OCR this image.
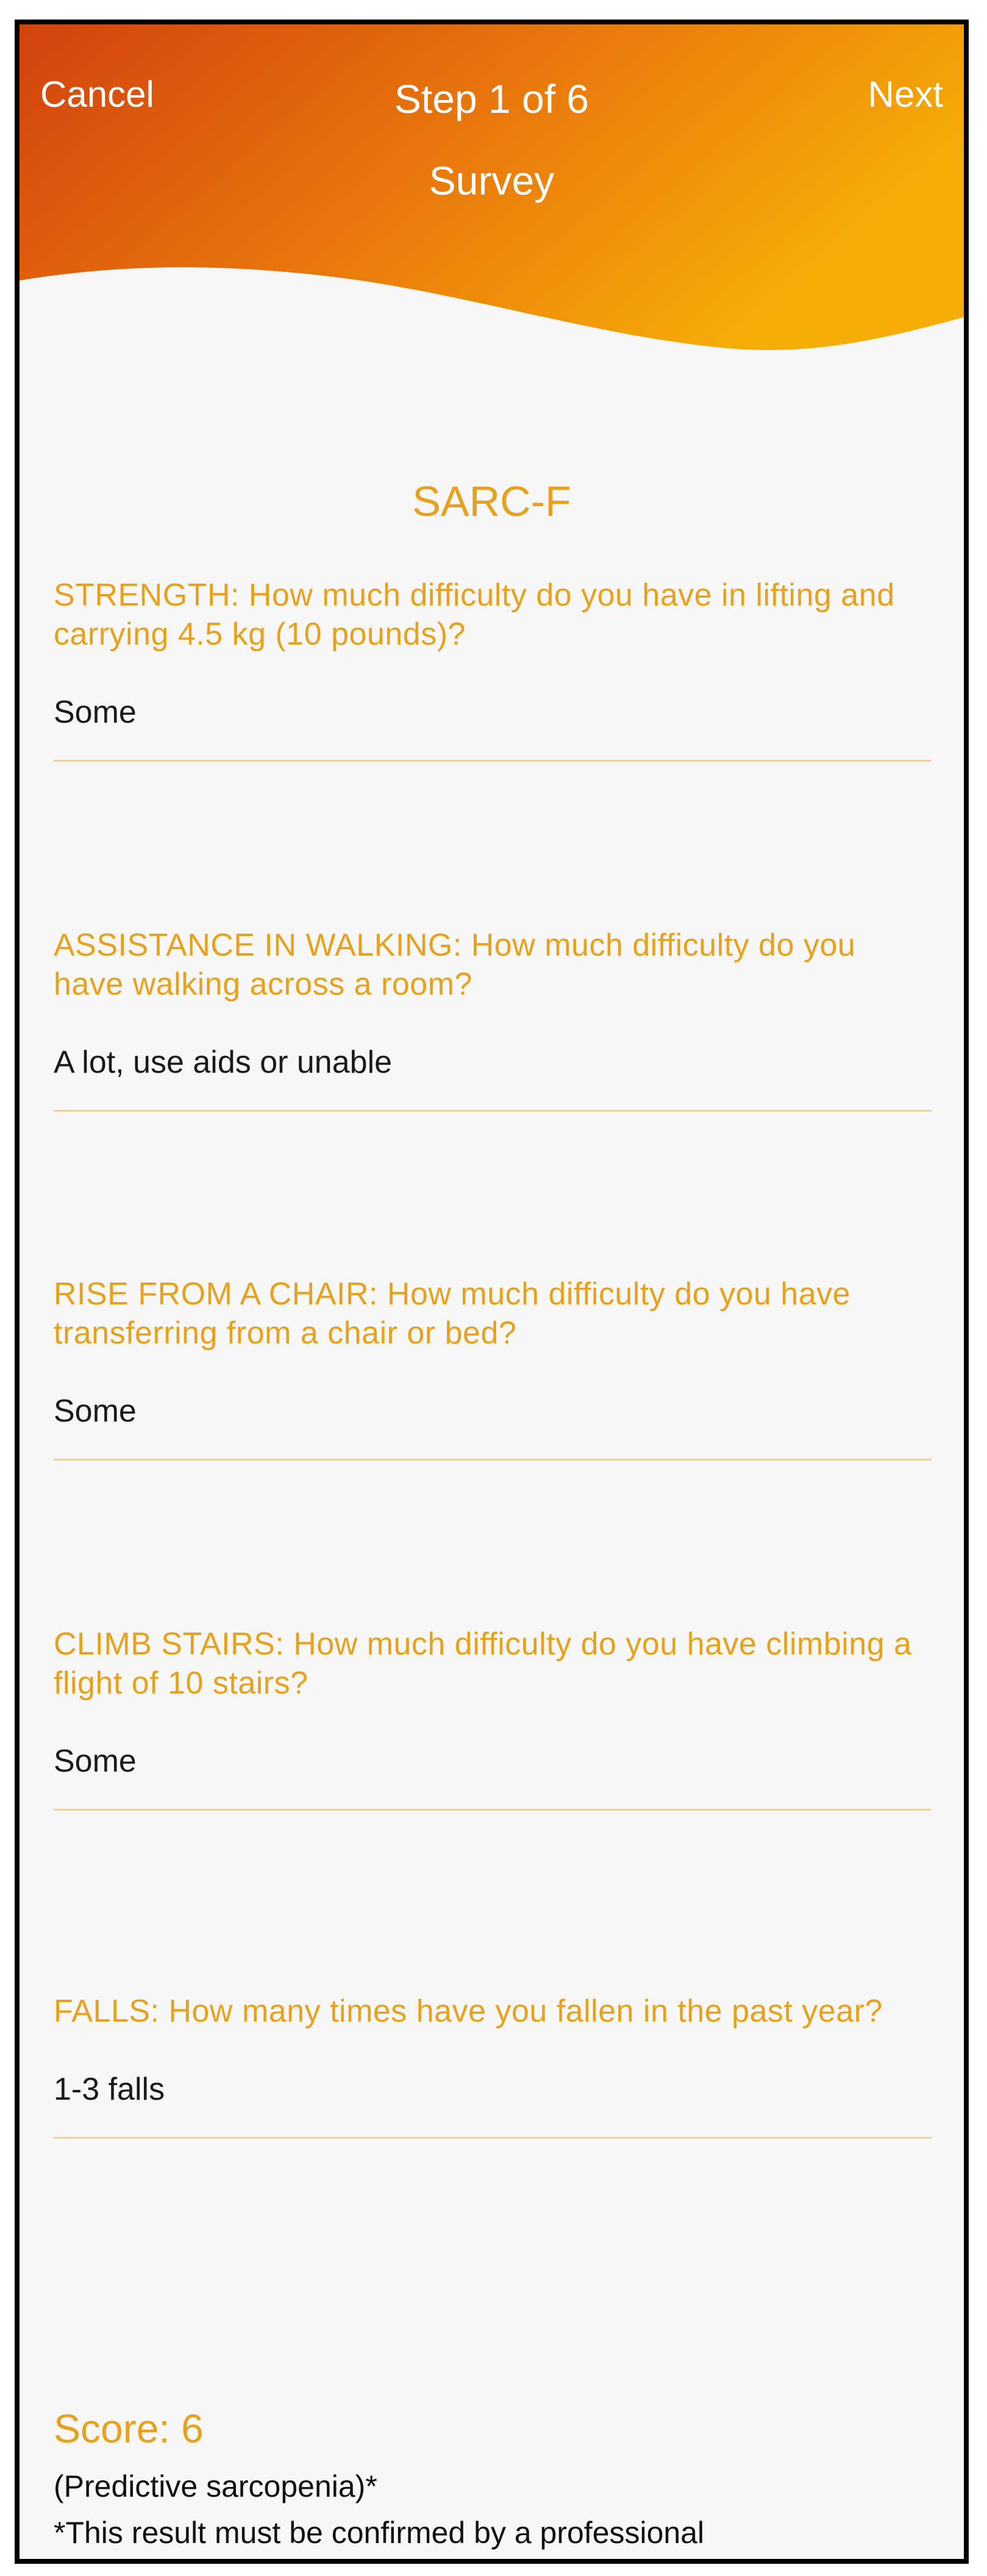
Cancel	Step 1 of 6	Next
Survey
SARC-F
STRENGTH: How much difficulty do you have in lifting and carrying 4.5 kg (10 pounds)?
Some
ASSISTANCE IN WALKING: How much difficulty do you have walking across a room?
A lot, use aids or unable
RISE FROM A CHAIR: How much difficulty do you have transferring from a chair or bed?
Some
CLIMB STAIRS: How much difficulty do you have climbing a flight of 10 stairs?
Some
FALLS: How many times have you fallen in the past year?
1-3 falls
Score: 6
(Predictive sarcopenia)*
*This result must be confirmed by a professional
